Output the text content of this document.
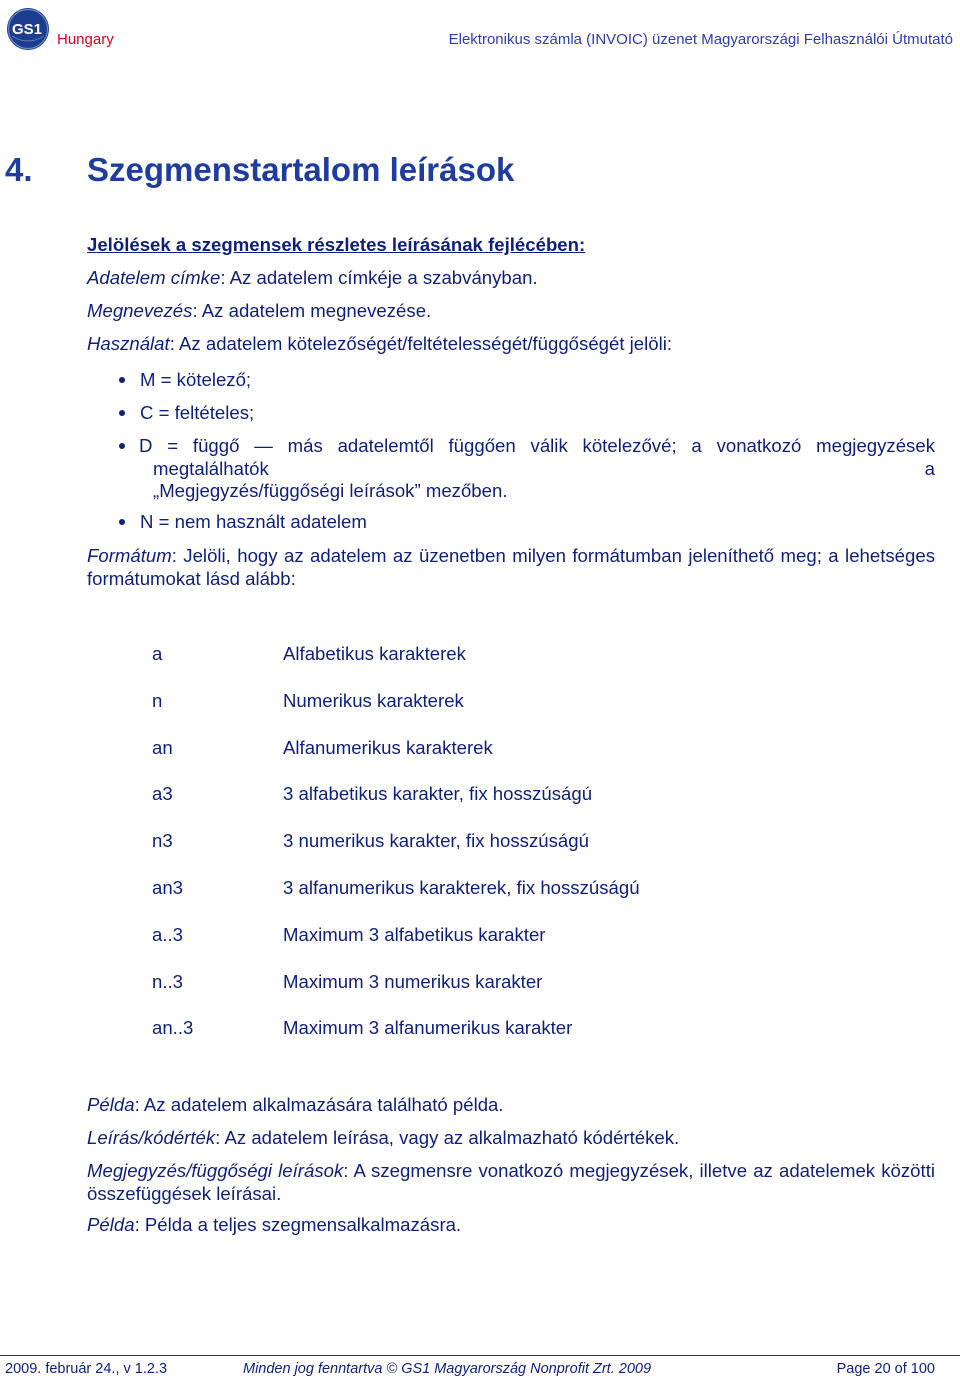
GS1
Hungary	Elektronikus számla (INVOIC) üzenet Magyarországi Felhasználói Útmutató
4. Szegmenstartalom leírások
Jelölések a szegmensek részletes leírásának fejlécében:
Adatelem címke: Az adatelem címkéje a szabványban.
Megnevezés: Az adatelem megnevezése.
Használat: Az adatelem kötelezőségét/feltételességét/függőségét jelöli:
M = kötelező;
C = feltételes;
D = függő — más adatelemtől függően válik kötelezővé; a vonatkozó megjegyzések megtalálhatók a
„Megjegyzés/függőségi leírások” mezőben.
N = nem használt adatelem
Formátum: Jelöli, hogy az adatelem az üzenetben milyen formátumban jeleníthető meg; a lehetséges formátumokat lásd alább:
a	Alfabetikus karakterek
n	Numerikus karakterek
an	Alfanumerikus karakterek
a3	3 alfabetikus karakter, fix hosszúságú
n3	3 numerikus karakter, fix hosszúságú
an3	3 alfanumerikus karakterek, fix hosszúságú
a..3	Maximum 3 alfabetikus karakter
n..3	Maximum 3 numerikus karakter
an..3	Maximum 3 alfanumerikus karakter
Példa: Az adatelem alkalmazására található példa.
Leírás/kódérték: Az adatelem leírása, vagy az alkalmazható kódértékek.
Megjegyzés/függőségi leírások: A szegmensre vonatkozó megjegyzések, illetve az adatelemek közötti összefüggések leírásai.
Példa: Példa a teljes szegmensalkalmazásra.
2009. február 24., v 1.2.3	Minden jog fenntartva © GS1 Magyarország Nonprofit Zrt. 2009	Page 20 of 100
